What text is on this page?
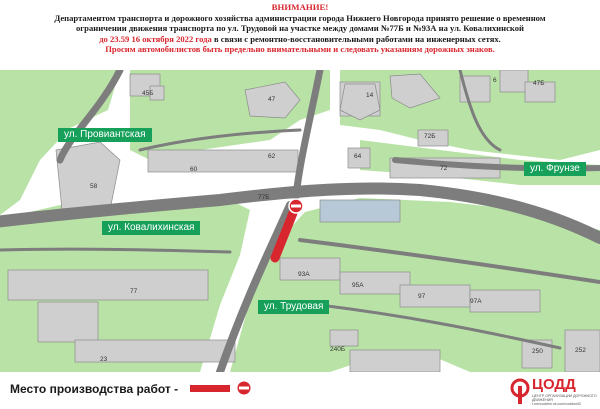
ВНИМАНИЕ!
Департаментом транспорта и дорожного хозяйства администрации города Нижнего Новгорода принято решение о временном
ограничении движения транспорта по ул. Трудовой на участке между домами №77Б и №93А на ул. Ковалихинской
до 23.59 16 октября 2022 года в связи с ремонтно-восстановительными работами на инженерных сетях.
Просим автомобилистов быть предельно внимательными и следовать указаниям дорожных знаков.
45Б
47
14
6	47Б
72Б
64
72
60
62
58
77Б
77
93А
95А
97
97А
240Б	250	252
23
ул. Провиантская
ул. Ковалихинская
ул. Трудовая
ул. Фрунзе
Место производства работ -	ЦОДД
ЦЕНТР ОРГАНИЗАЦИИ ДОРОЖНОГО ДВИЖЕНИЯ
t.me/coddnn vk.com/coddnn52
